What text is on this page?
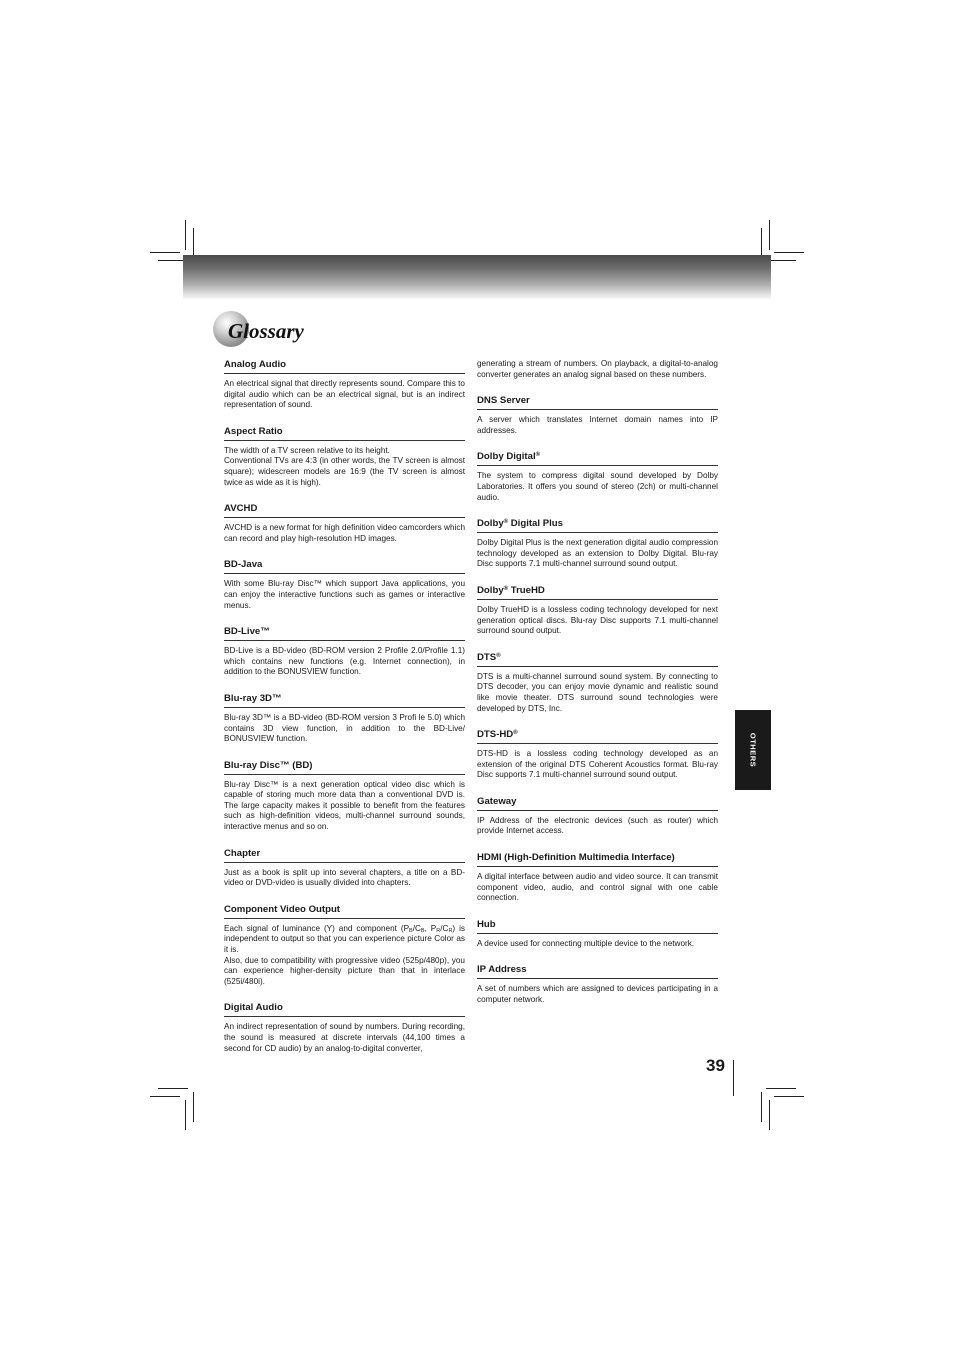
Glossary
Analog Audio

An electrical signal that directly represents sound. Compare this to digital audio which can be an electrical signal, but is an indirect representation of sound.

Aspect Ratio

The width of a TV screen relative to its height.

Conventional TVs are 4:3 (in other words, the TV screen is almost square); widescreen models are 16:9 (the TV screen is almost twice as wide as it is high).

AVCHD

AVCHD is a new format for high definition video camcorders which can record and play high-resolution HD images.

BD-Java

With some Blu-ray Disc™ which support Java applications, you can enjoy the interactive functions such as games or interactive menus.

BD-Live™

BD-Live is a BD-video (BD-ROM version 2 Profile 2.0/Profile 1.1) which contains new functions (e.g. Internet connection), in addition to the BONUSVIEW function.

Blu-ray 3D™

Blu-ray 3D™ is a BD-video (BD-ROM version 3 Profi le 5.0) which contains 3D view function, in addition to the BD-Live/ BONUSVIEW function.

Blu-ray Disc™ (BD)

Blu-ray Disc™ is a next generation optical video disc which is capable of storing much more data than a conventional DVD is. The large capacity makes it possible to benefit from the features such as high-definition videos, multi-channel surround sounds, interactive menus and so on.

Chapter

Just as a book is split up into several chapters, a title on a BD-video or DVD-video is usually divided into chapters.

Component Video Output

Each signal of luminance (Y) and component ($P_B/C_B$, $P_R/C_R$) is independent to output so that you can experience picture Color as it is.

Also, due to compatibility with progressive video (525p/480p), you can experience higher-density picture than that in interlace (525i/480i).

Digital Audio

An indirect representation of sound by numbers. During recording, the sound is measured at discrete intervals (44,100 times a second for CD audio) by an analog-to-digital converter,

generating a stream of numbers. On playback, a digital-to-analog converter generates an analog signal based on these numbers.

DNS Server

A server which translates Internet domain names into IP addresses.

Dolby Digital®

The system to compress digital sound developed by Dolby Laboratories. It offers you sound of stereo (2ch) or multi-channel audio.

Dolby® Digital Plus

Dolby Digital Plus is the next generation digital audio compression technology developed as an extension to Dolby Digital. Blu-ray Disc supports 7.1 multi-channel surround sound output.

Dolby® TrueHD

Dolby TrueHD is a lossless coding technology developed for next generation optical discs. Blu-ray Disc supports 7.1 multi-channel surround sound output.

DTS®

DTS is a multi-channel surround sound system. By connecting to DTS decoder, you can enjoy movie dynamic and realistic sound like movie theater. DTS surround sound technologies were developed by DTS, Inc.

DTS-HD®

DTS-HD is a lossless coding technology developed as an extension of the original DTS Coherent Acoustics format. Blu-ray Disc supports 7.1 multi-channel surround sound output.

Gateway

IP Address of the electronic devices (such as router) which provide Internet access.

HDMI (High-Definition Multimedia Interface)

A digital interface between audio and video source. It can transmit component video, audio, and control signal with one cable connection.

Hub

A device used for connecting multiple device to the network.

IP Address

A set of numbers which are assigned to devices participating in a computer network.

OTHERS
39
